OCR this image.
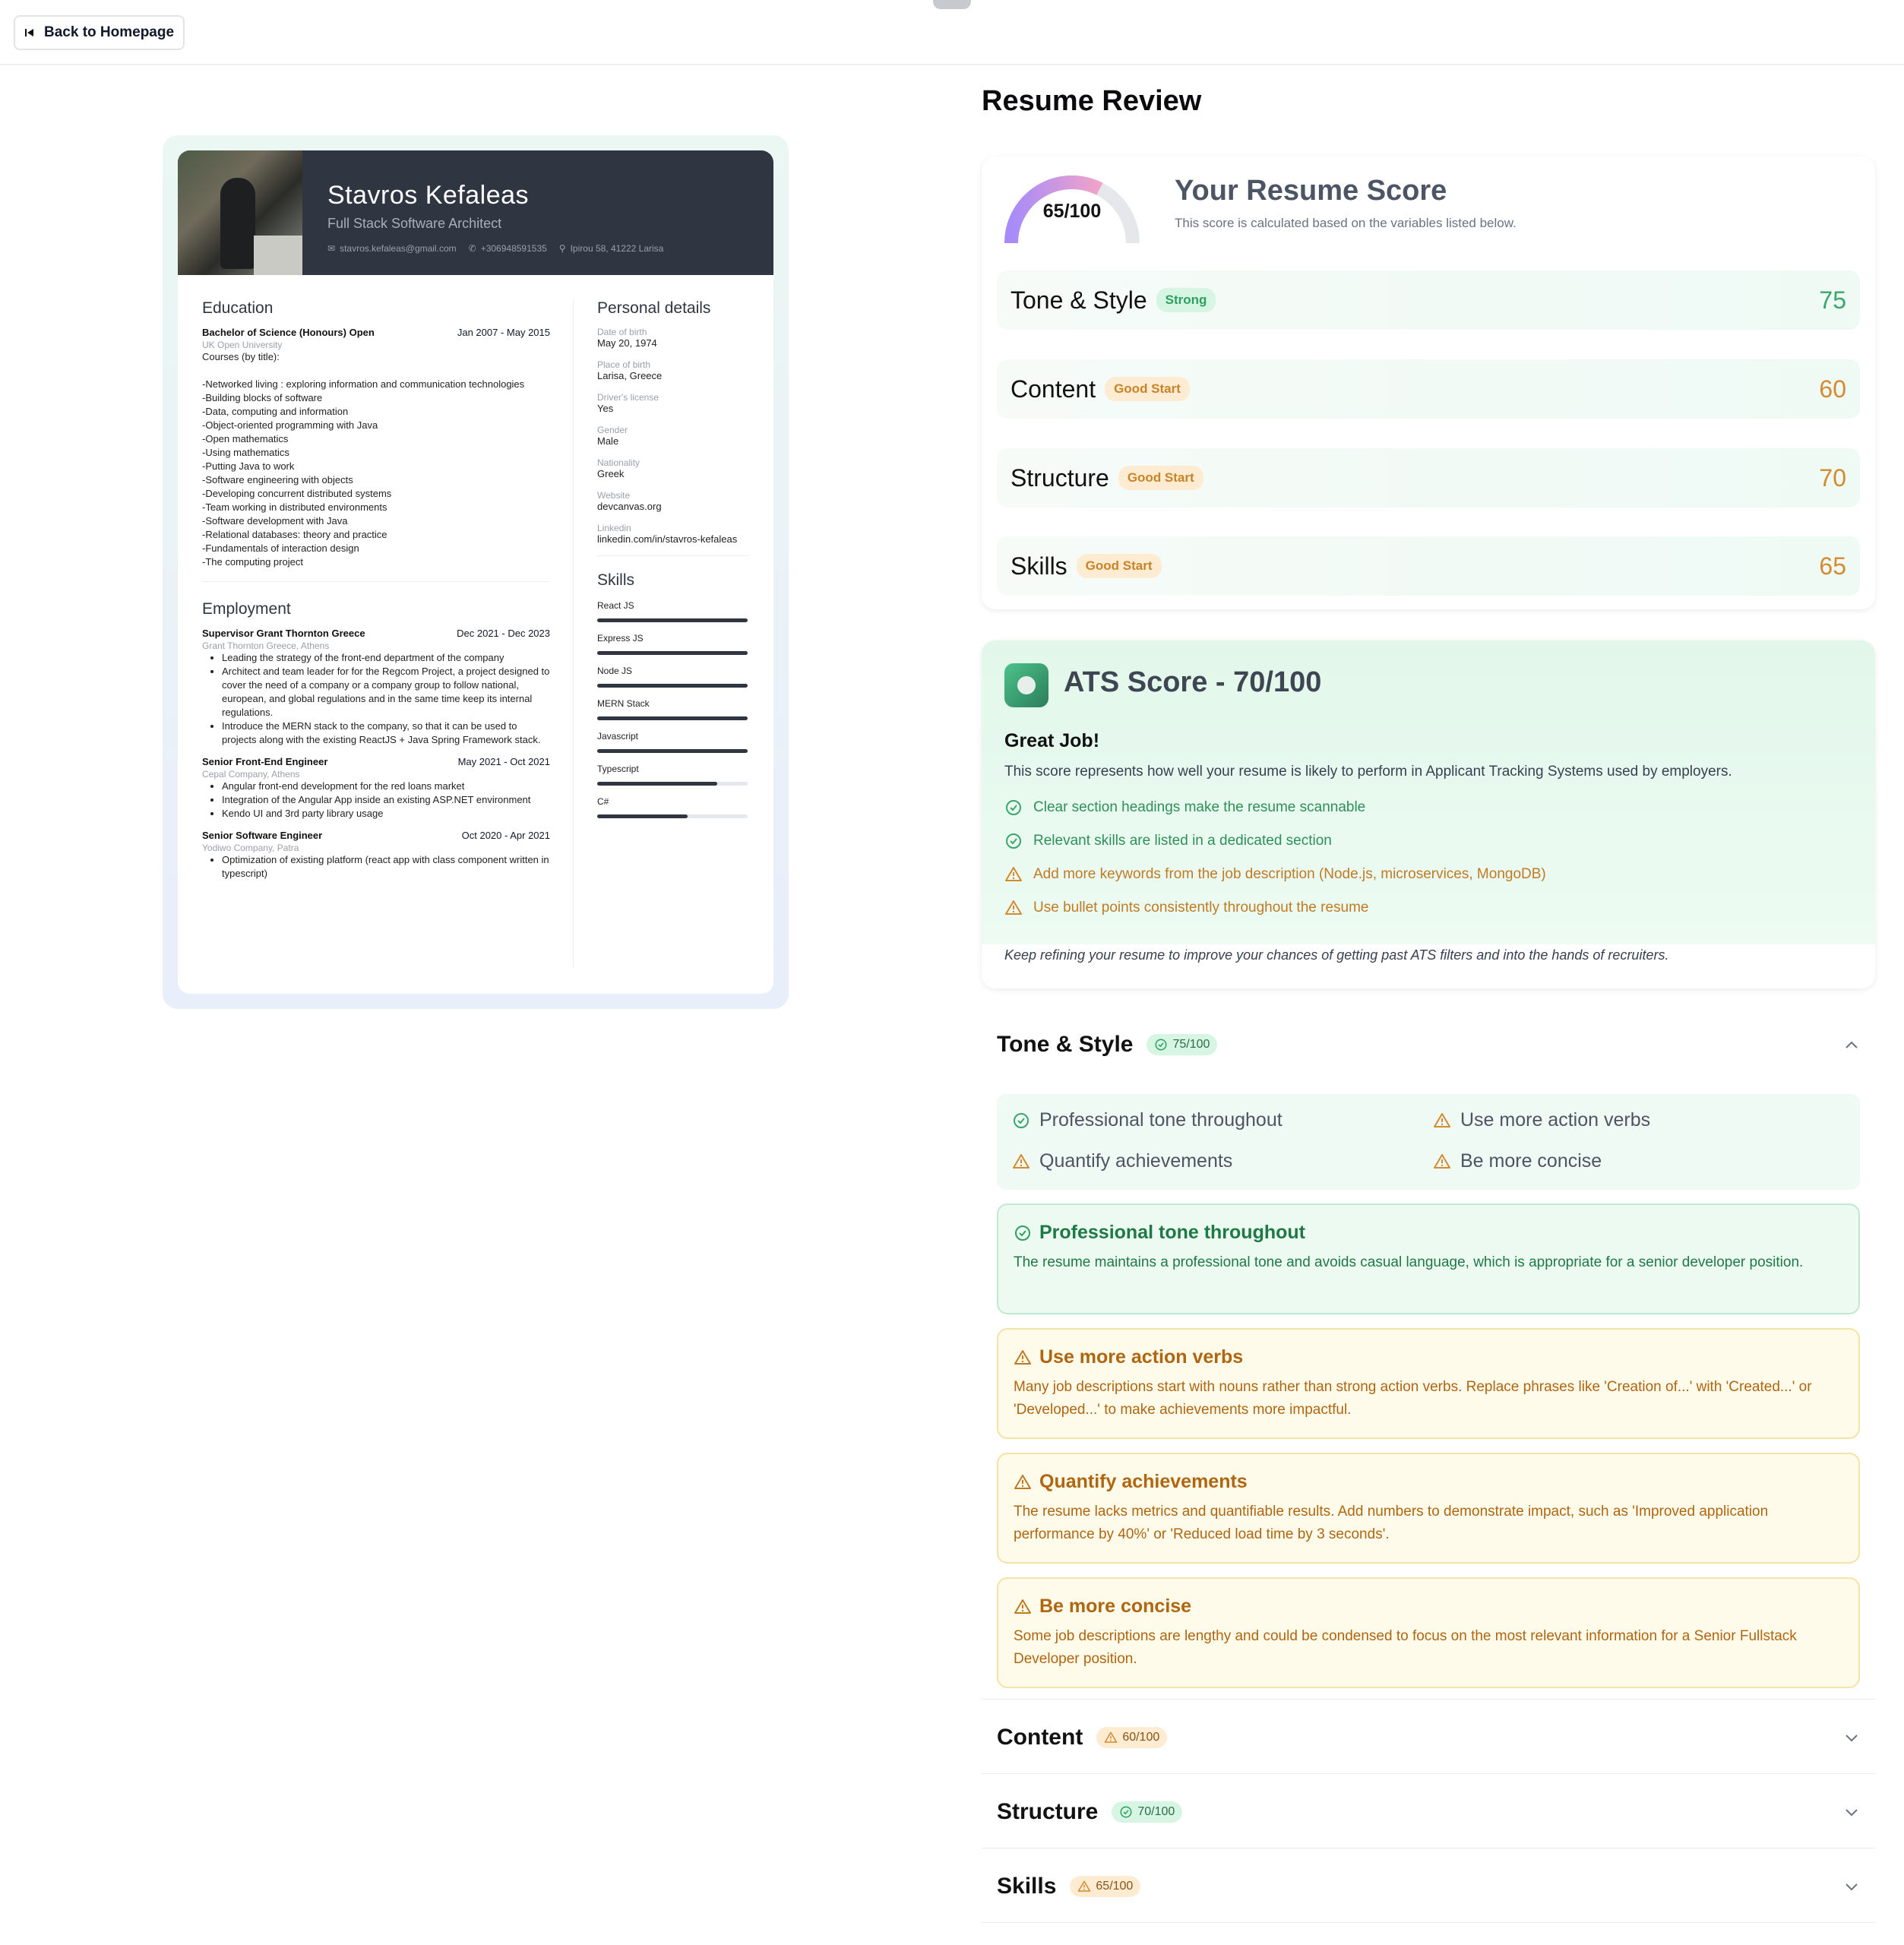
Back to Homepage
Stavros Kefaleas
Full Stack Software Architect
✉ stavros.kefaleas@gmail.com ✆ +306948591535 ⚲ Ipirou 58, 41222 Larisa
Education
Bachelor of Science (Honours) Open	Jan 2007 - May 2015
UK Open University
Courses (by title):
-Networked living : exploring information and communication technologies
-Building blocks of software
-Data, computing and information
-Object-oriented programming with Java
-Open mathematics
-Using mathematics
-Putting Java to work
-Software engineering with objects
-Developing concurrent distributed systems
-Team working in distributed environments
-Software development with Java
-Relational databases: theory and practice
-Fundamentals of interaction design
-The computing project
Employment
Supervisor Grant Thornton Greece	Dec 2021 - Dec 2023
Grant Thornton Greece, Athens
• Leading the strategy of the front-end department of the company
• Architect and team leader for for the Regcom Project, a project designed to cover the need of a company or a company group to follow national, european, and global regulations and in the same time keep its internal regulations.
• Introduce the MERN stack to the company, so that it can be used to projects along with the existing ReactJS + Java Spring Framework stack.
Senior Front-End Engineer	May 2021 - Oct 2021
Cepal Company, Athens
• Angular front-end development for the red loans market
• Integration of the Angular App inside an existing ASP.NET environment
• Kendo UI and 3rd party library usage
Senior Software Engineer	Oct 2020 - Apr 2021
Yodiwo Company, Patra
• Optimization of existing platform (react app with class component written in typescript)
Personal details
Date of birth
May 20, 1974
Place of birth
Larisa, Greece
Driver's license
Yes
Gender
Male
Nationality
Greek
Website
devcanvas.org
Linkedin
linkedin.com/in/stavros-kefaleas
Skills
React JS
Express JS
Node JS
MERN Stack
Javascript
Typescript
C#
Resume Review
65/100
Your Resume Score
This score is calculated based on the variables listed below.
Tone & Style	Strong	75
Content	Good Start	60
Structure	Good Start	70
Skills	Good Start	65
ATS Score - 70/100
Great Job!
This score represents how well your resume is likely to perform in Applicant Tracking Systems used by employers.
Clear section headings make the resume scannable
Relevant skills are listed in a dedicated section
Add more keywords from the job description (Node.js, microservices, MongoDB)
Use bullet points consistently throughout the resume
Keep refining your resume to improve your chances of getting past ATS filters and into the hands of recruiters.
Tone & Style	75/100
Professional tone throughout	Use more action verbs
Quantify achievements	Be more concise
Professional tone throughout
The resume maintains a professional tone and avoids casual language, which is appropriate for a senior developer position.
Use more action verbs
Many job descriptions start with nouns rather than strong action verbs. Replace phrases like 'Creation of...' with 'Created...' or 'Developed...' to make achievements more impactful.
Quantify achievements
The resume lacks metrics and quantifiable results. Add numbers to demonstrate impact, such as 'Improved application performance by 40%' or 'Reduced load time by 3 seconds'.
Be more concise
Some job descriptions are lengthy and could be condensed to focus on the most relevant information for a Senior Fullstack Developer position.
Content	60/100
Structure	70/100
Skills	65/100
